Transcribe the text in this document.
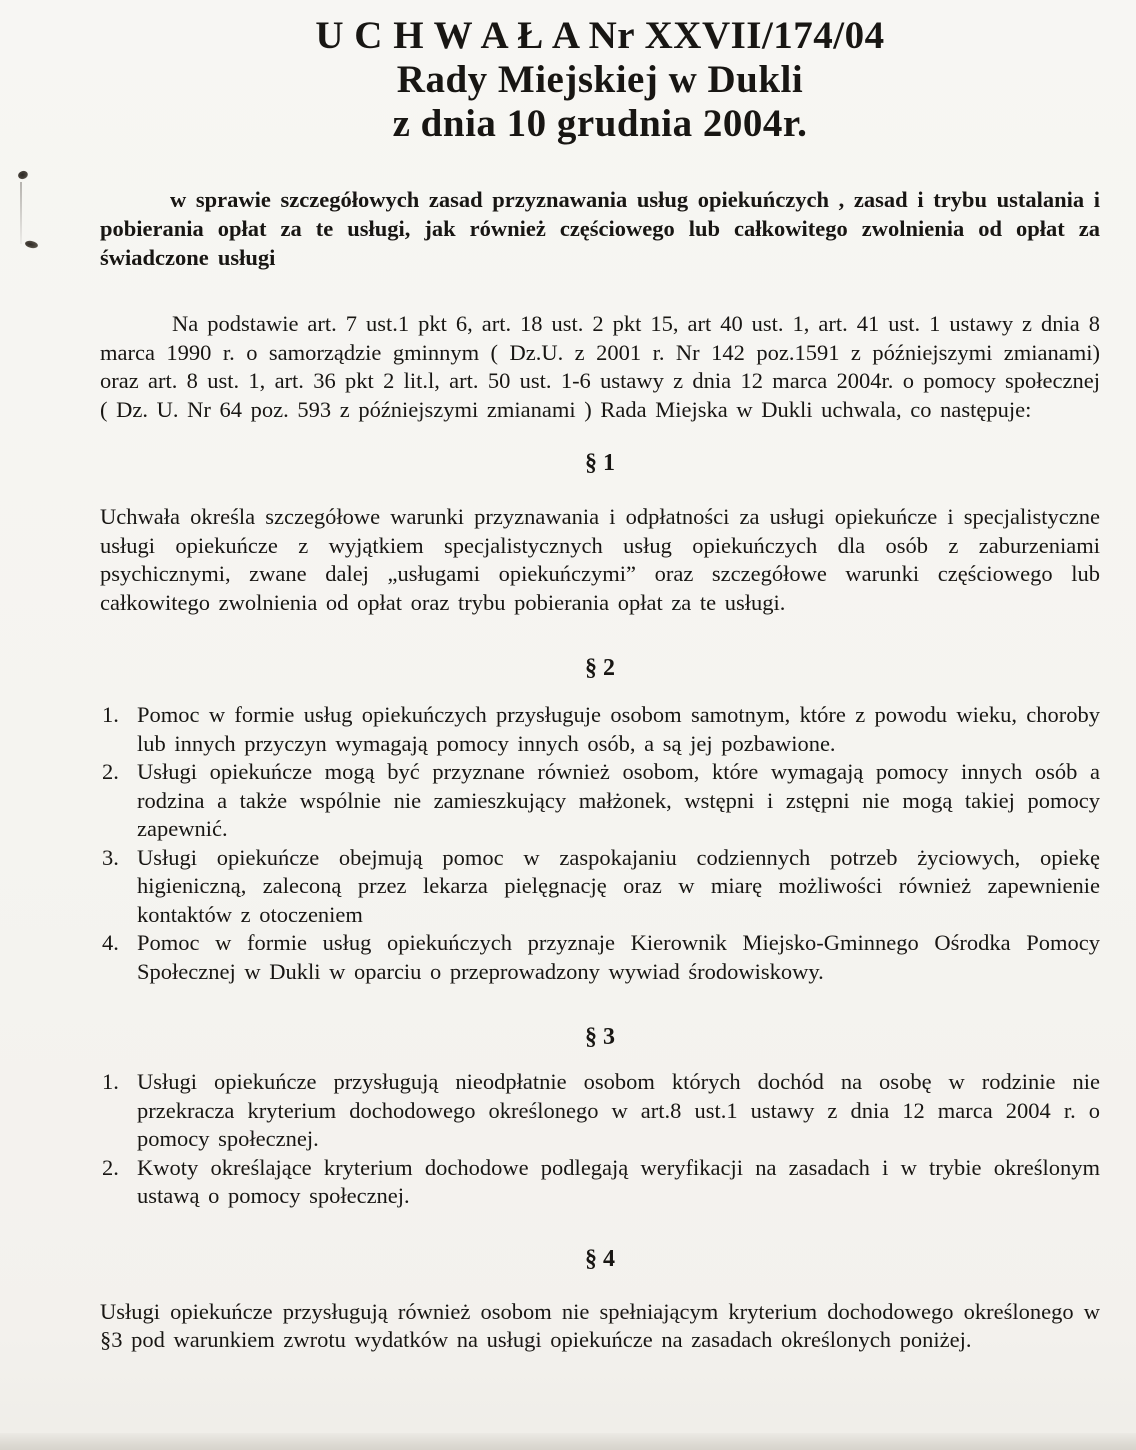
U C H W A Ł A Nr XXVII/174/04
Rady Miejskiej w Dukli
z dnia 10 grudnia 2004r.

w sprawie szczegółowych zasad przyznawania usług opiekuńczych , zasad i trybu ustalania i pobierania opłat za te usługi, jak również częściowego lub całkowitego zwolnienia od opłat za świadczone usługi

Na podstawie art. 7 ust.1 pkt 6, art. 18 ust. 2 pkt 15, art 40 ust. 1, art. 41 ust. 1 ustawy z dnia 8 marca 1990 r. o samorządzie gminnym ( Dz.U. z 2001 r. Nr 142 poz.1591 z późniejszymi zmianami) oraz art. 8 ust. 1, art. 36 pkt 2 lit.l, art. 50 ust. 1-6 ustawy z dnia 12 marca 2004r. o pomocy społecznej ( Dz. U. Nr 64 poz. 593 z późniejszymi zmianami ) Rada Miejska w Dukli uchwala, co następuje:

§ 1

Uchwała określa szczegółowe warunki przyznawania i odpłatności za usługi opiekuńcze i specjalistyczne usługi opiekuńcze z wyjątkiem specjalistycznych usług opiekuńczych dla osób z zaburzeniami psychicznymi, zwane dalej „usługami opiekuńczymi” oraz szczegółowe warunki częściowego lub całkowitego zwolnienia od opłat oraz trybu pobierania opłat za te usługi.

§ 2
1. Pomoc w formie usług opiekuńczych przysługuje osobom samotnym, które z powodu wieku, choroby lub innych przyczyn wymagają pomocy innych osób, a są jej pozbawione.
2. Usługi opiekuńcze mogą być przyznane również osobom, które wymagają pomocy innych osób a rodzina a także wspólnie nie zamieszkujący małżonek, wstępni i zstępni nie mogą takiej pomocy zapewnić.
3. Usługi opiekuńcze obejmują pomoc w zaspokajaniu codziennych potrzeb życiowych, opiekę higieniczną, zaleconą przez lekarza pielęgnację oraz w miarę możliwości również zapewnienie kontaktów z otoczeniem
4. Pomoc w formie usług opiekuńczych przyznaje Kierownik Miejsko-Gminnego Ośrodka Pomocy Społecznej w Dukli w oparciu o przeprowadzony wywiad środowiskowy.
§ 3
1. Usługi opiekuńcze przysługują nieodpłatnie osobom których dochód na osobę w rodzinie nie przekracza kryterium dochodowego określonego w art.8 ust.1 ustawy z dnia 12 marca 2004 r. o pomocy społecznej.
2. Kwoty określające kryterium dochodowe podlegają weryfikacji na zasadach i w trybie określonym ustawą o pomocy społecznej.
§ 4

Usługi opiekuńcze przysługują również osobom nie spełniającym kryterium dochodowego określonego w §3 pod warunkiem zwrotu wydatków na usługi opiekuńcze na zasadach określonych poniżej.
